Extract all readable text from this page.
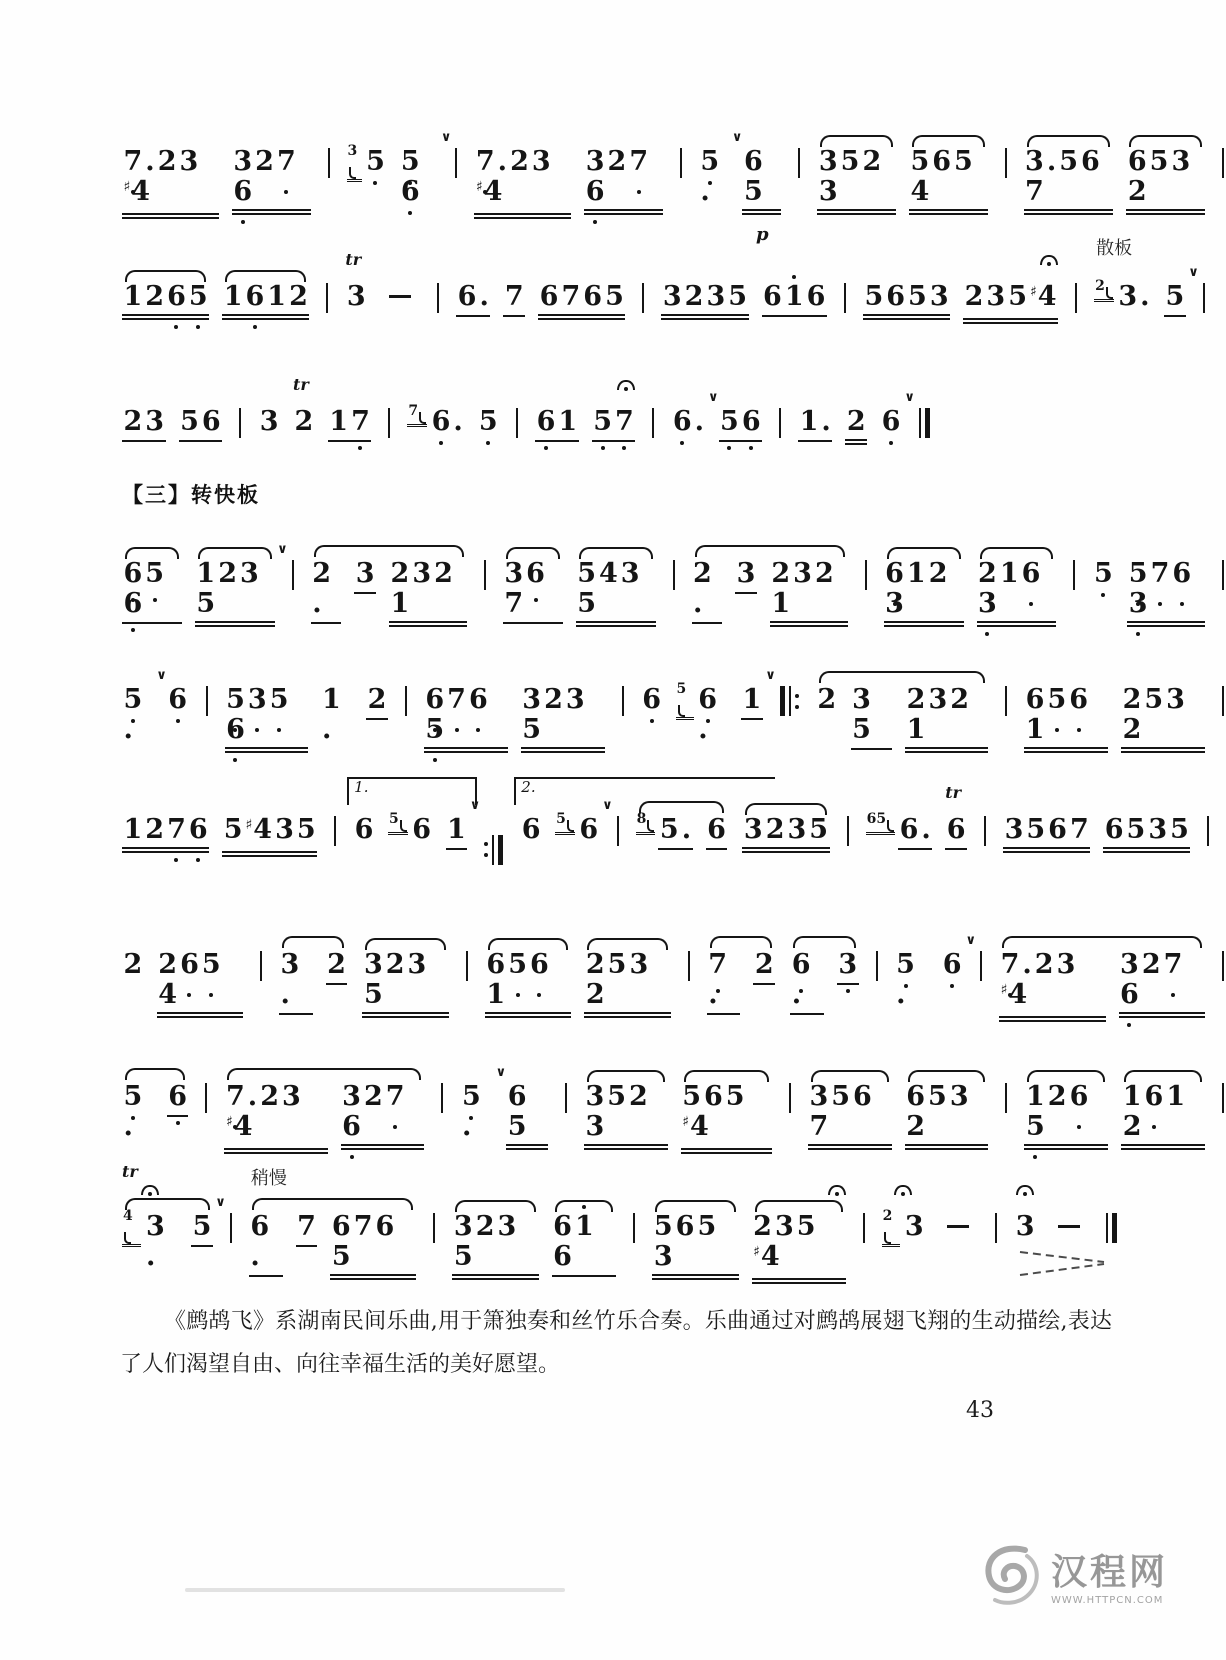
【三】转快板
7 . 2 3♯4
3 2 7
6
3 5 5
6
∨
7 . 2 3♯4
3 2 7
6
5
.
∨
65
p
3 5 23
5 6 54
3 . 5 67
6 5 32
1 2 6 5 1 6 1 2 3
tr
6 . 7 6 7 6 5 3 2 3 5 6 1 6 5 6 5 3 2 3 5 ♯4
散板
2 3 . 5
∨
2 3 5 6 3 2
tr
1 7	7 6 . 5 6 1 5 7 6 .
∨
5 6 1 . 2 6
∨
6 5
6
1 2 35
∨
2.
3 2 3 21
3 6
7
5 4 35
2.
3 2 3 21
6 1 23
2 1 6
3
5 5 7 6
3
5
.
∨
6 5 3 5
6
1.
2 6 7 6
5
3 2 35
6 5 6
.
1
∨
2 35
2 3 21
6 5 6
1
2 5 32
1 2 7 6 5 ♯4 3 5
1.
6 5 6 1
∨
2.
6 5 6
∨
8 5 . 6 3 2 3 5	65 6 . 6
tr
3 5 6 7 6 5 3 5
2 2 6 5
4
3.
2 3 2 35
6 5 6
1
2 5 32
7
.
2 6
.
3 5
.
6
∨
7 . 2 3♯4
3 2 7
6
5
.
6 7 . 2 3♯4
3 2 7
6
5
.
∨
65
3 5 23
5 6 5♯4
3 5 67
6 5 32
1 2 6
5
1 6 12
4 3.
tr
5
∨
稍慢
6.
7 6 7 65
3 2 35
6 1
6
5 6 53
2 3 5♯4
2 3	3
《鹧鸪飞》系湖南民间乐曲,用于箫独奏和丝竹乐合奏。乐曲通过对鹧鸪展翅飞翔的生动描绘,表达了人们渴望自由、向往幸福生活的美好愿望。
43
汉程网
WWW.HTTPCN.COM
